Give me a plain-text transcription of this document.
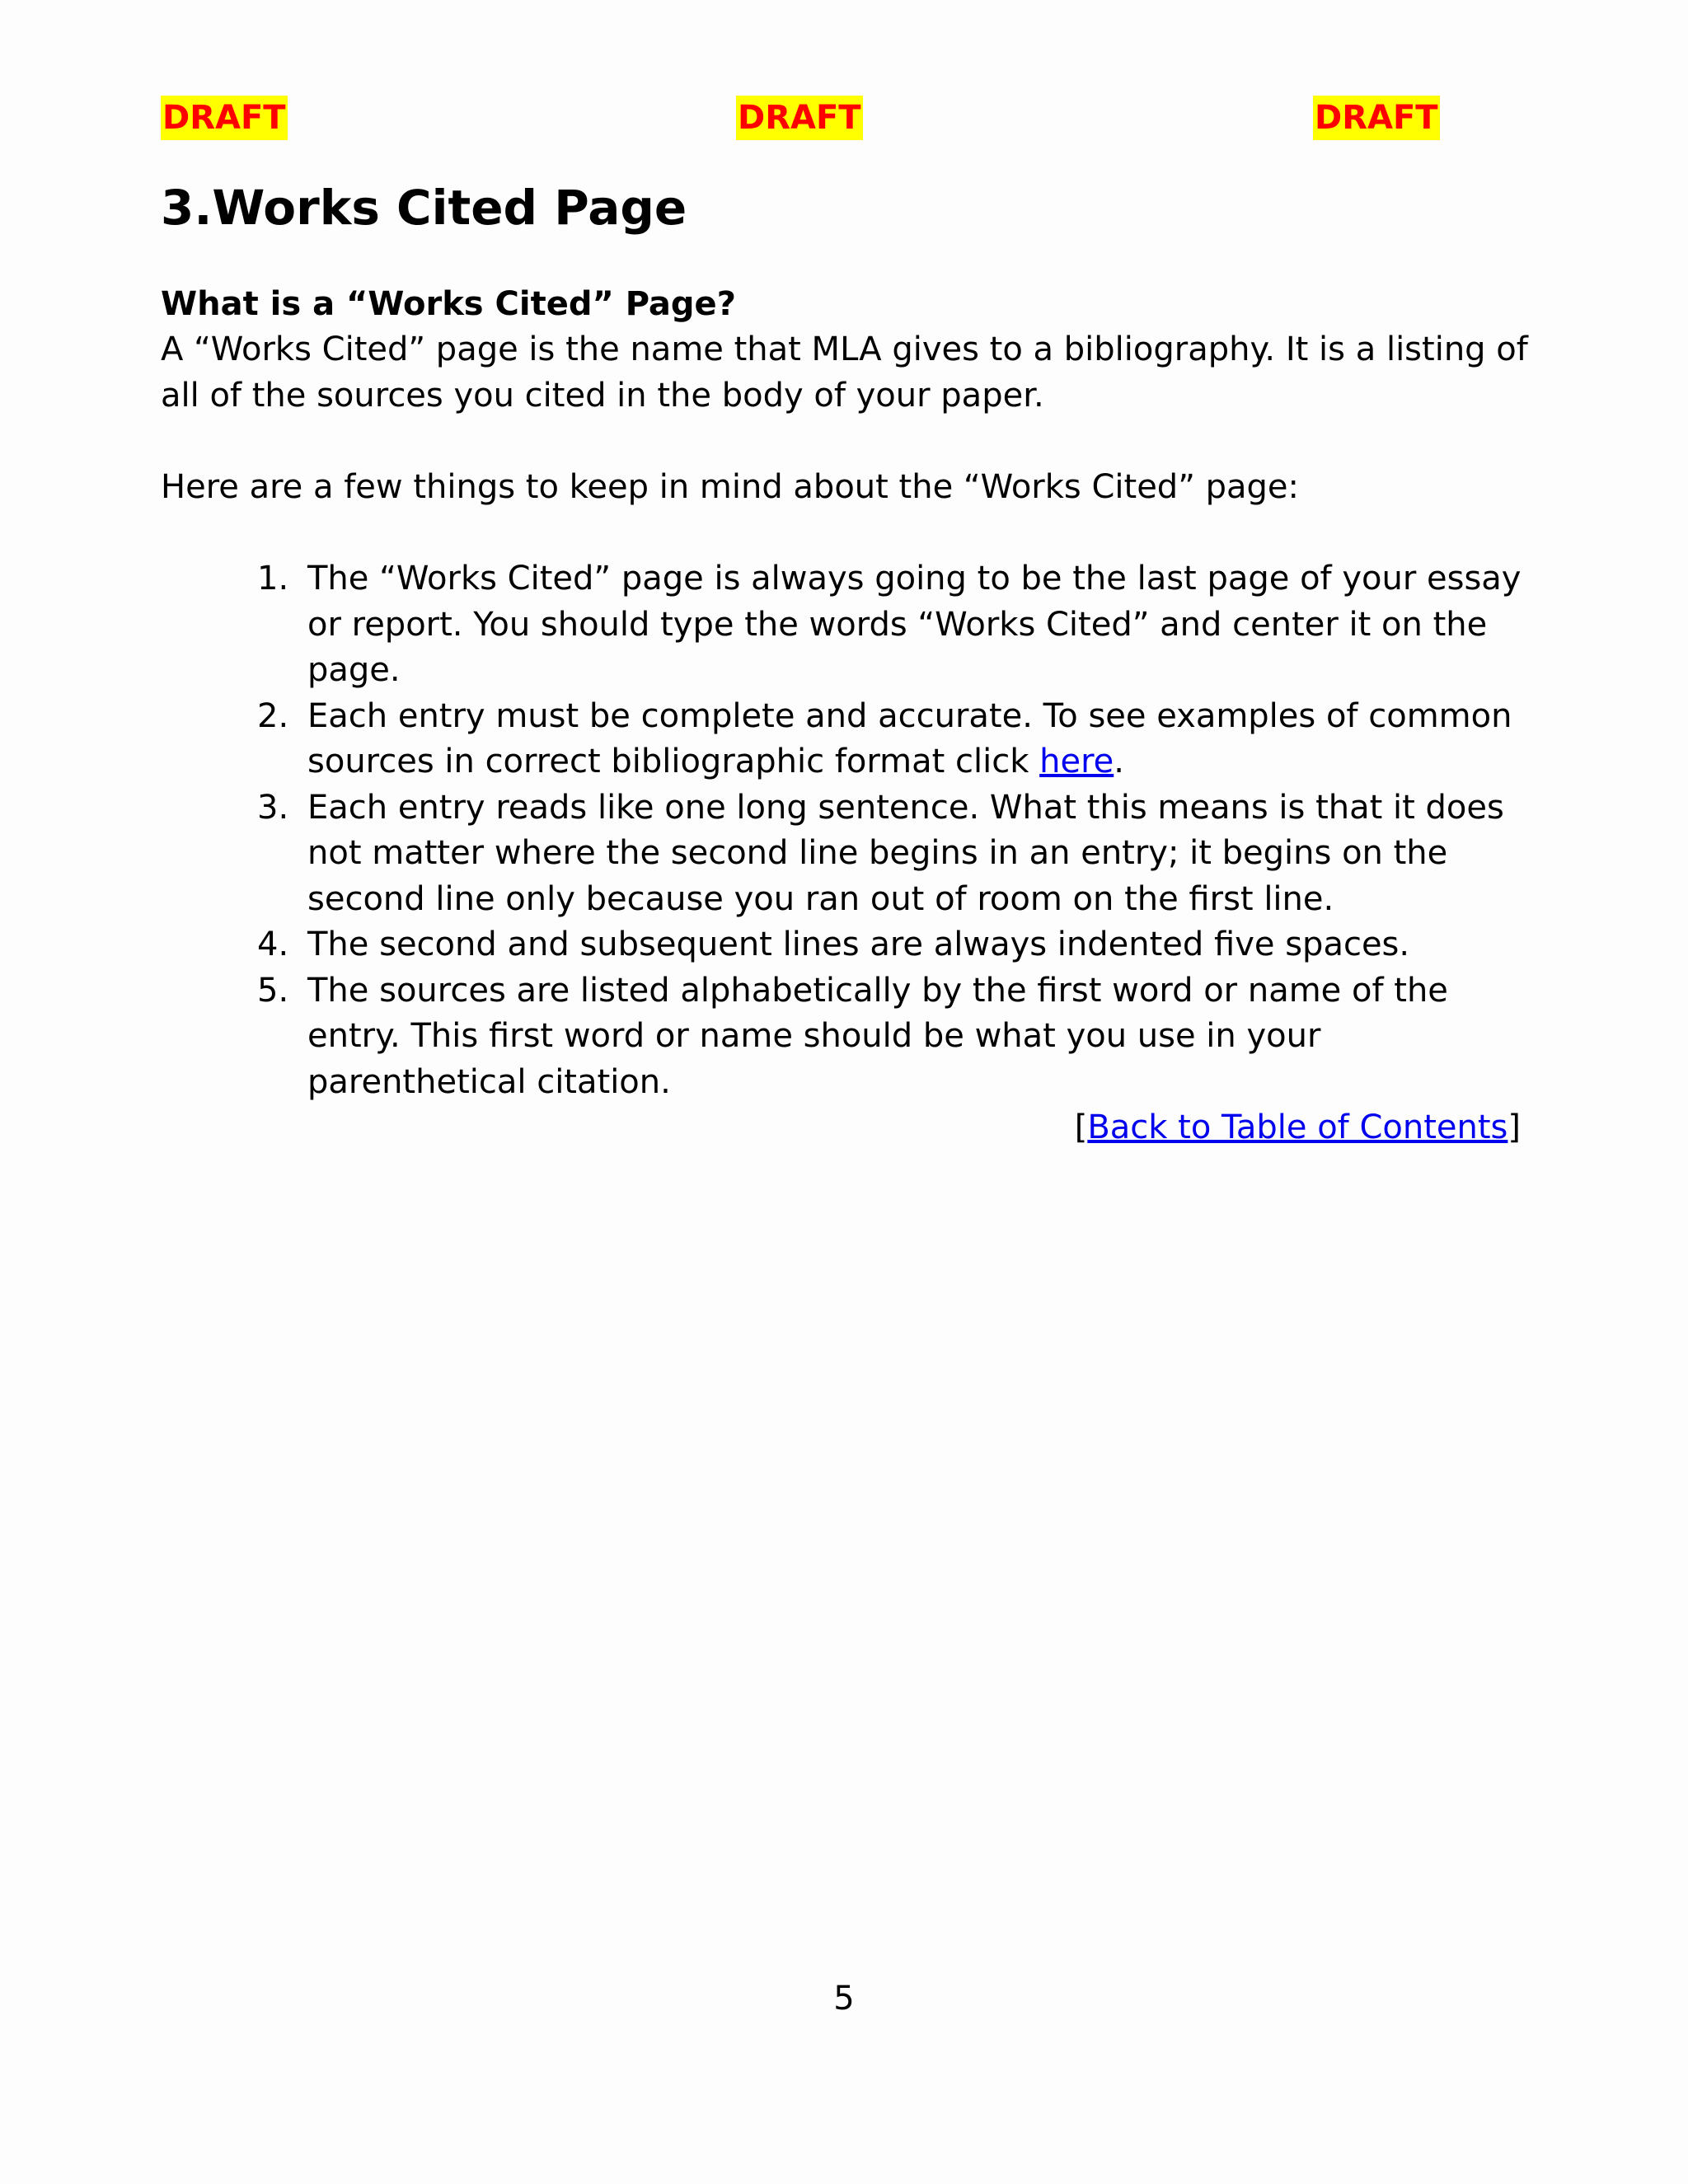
DRAFT	DRAFT	DRAFT
3.Works Cited Page

What is a “Works Cited” Page?

A “Works Cited” page is the name that MLA gives to a bibliography. It is a listing of all of the sources you cited in the body of your paper.

Here are a few things to keep in mind about the “Works Cited” page:

1. The “Works Cited” page is always going to be the last page of your essay or report. You should type the words “Works Cited” and center it on the page.
2. Each entry must be complete and accurate. To see examples of common sources in correct bibliographic format click here.
3. Each entry reads like one long sentence. What this means is that it does not matter where the second line begins in an entry; it begins on the second line only because you ran out of room on the first line.
4. The second and subsequent lines are always indented five spaces.
5. The sources are listed alphabetically by the first word or name of the entry. This first word or name should be what you use in your parenthetical citation.
[Back to Table of Contents]
5
